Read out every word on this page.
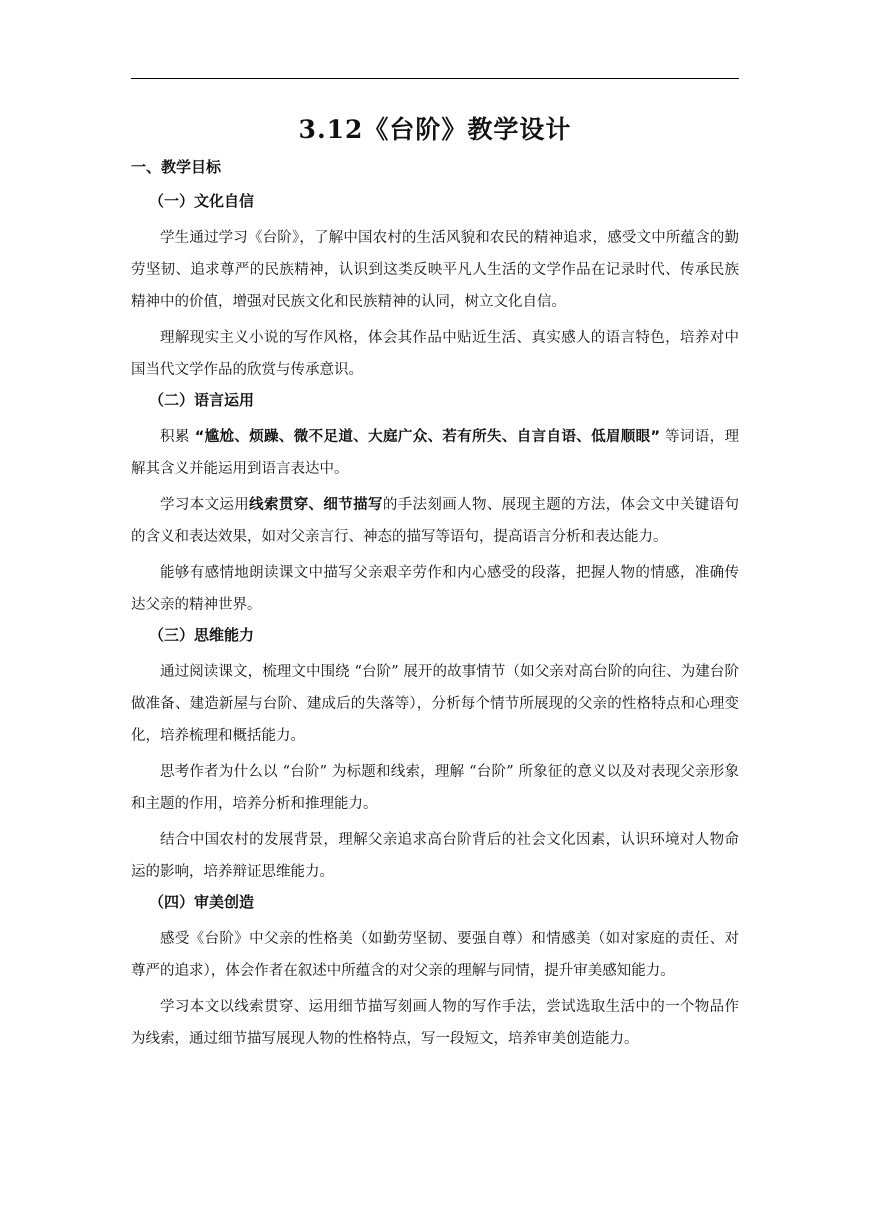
3.12《台阶》教学设计
一、教学目标
（一）文化自信

学生通过学习《台阶》，了解中国农村的生活风貌和农民的精神追求，感受文中所蕴含的勤劳坚韧、追求尊严的民族精神，认识到这类反映平凡人生活的文学作品在记录时代、传承民族精神中的价值，增强对民族文化和民族精神的认同，树立文化自信。

理解现实主义小说的写作风格，体会其作品中贴近生活、真实感人的语言特色，培养对中国当代文学作品的欣赏与传承意识。

（二）语言运用

积累 “尴尬、烦躁、微不足道、大庭广众、若有所失、自言自语、低眉顺眼” 等词语，理解其含义并能运用到语言表达中。

学习本文运用线索贯穿、细节描写的手法刻画人物、展现主题的方法，体会文中关键语句的含义和表达效果，如对父亲言行、神态的描写等语句，提高语言分析和表达能力。

能够有感情地朗读课文中描写父亲艰辛劳作和内心感受的段落，把握人物的情感，准确传达父亲的精神世界。

（三）思维能力

通过阅读课文，梳理文中围绕 “台阶” 展开的故事情节（如父亲对高台阶的向往、为建台阶做准备、建造新屋与台阶、建成后的失落等），分析每个情节所展现的父亲的性格特点和心理变化，培养梳理和概括能力。

思考作者为什么以 “台阶” 为标题和线索，理解 “台阶” 所象征的意义以及对表现父亲形象和主题的作用，培养分析和推理能力。

结合中国农村的发展背景，理解父亲追求高台阶背后的社会文化因素，认识环境对人物命运的影响，培养辩证思维能力。

（四）审美创造

感受《台阶》中父亲的性格美（如勤劳坚韧、要强自尊）和情感美（如对家庭的责任、对尊严的追求），体会作者在叙述中所蕴含的对父亲的理解与同情，提升审美感知能力。

学习本文以线索贯穿、运用细节描写刻画人物的写作手法，尝试选取生活中的一个物品作为线索，通过细节描写展现人物的性格特点，写一段短文，培养审美创造能力。
